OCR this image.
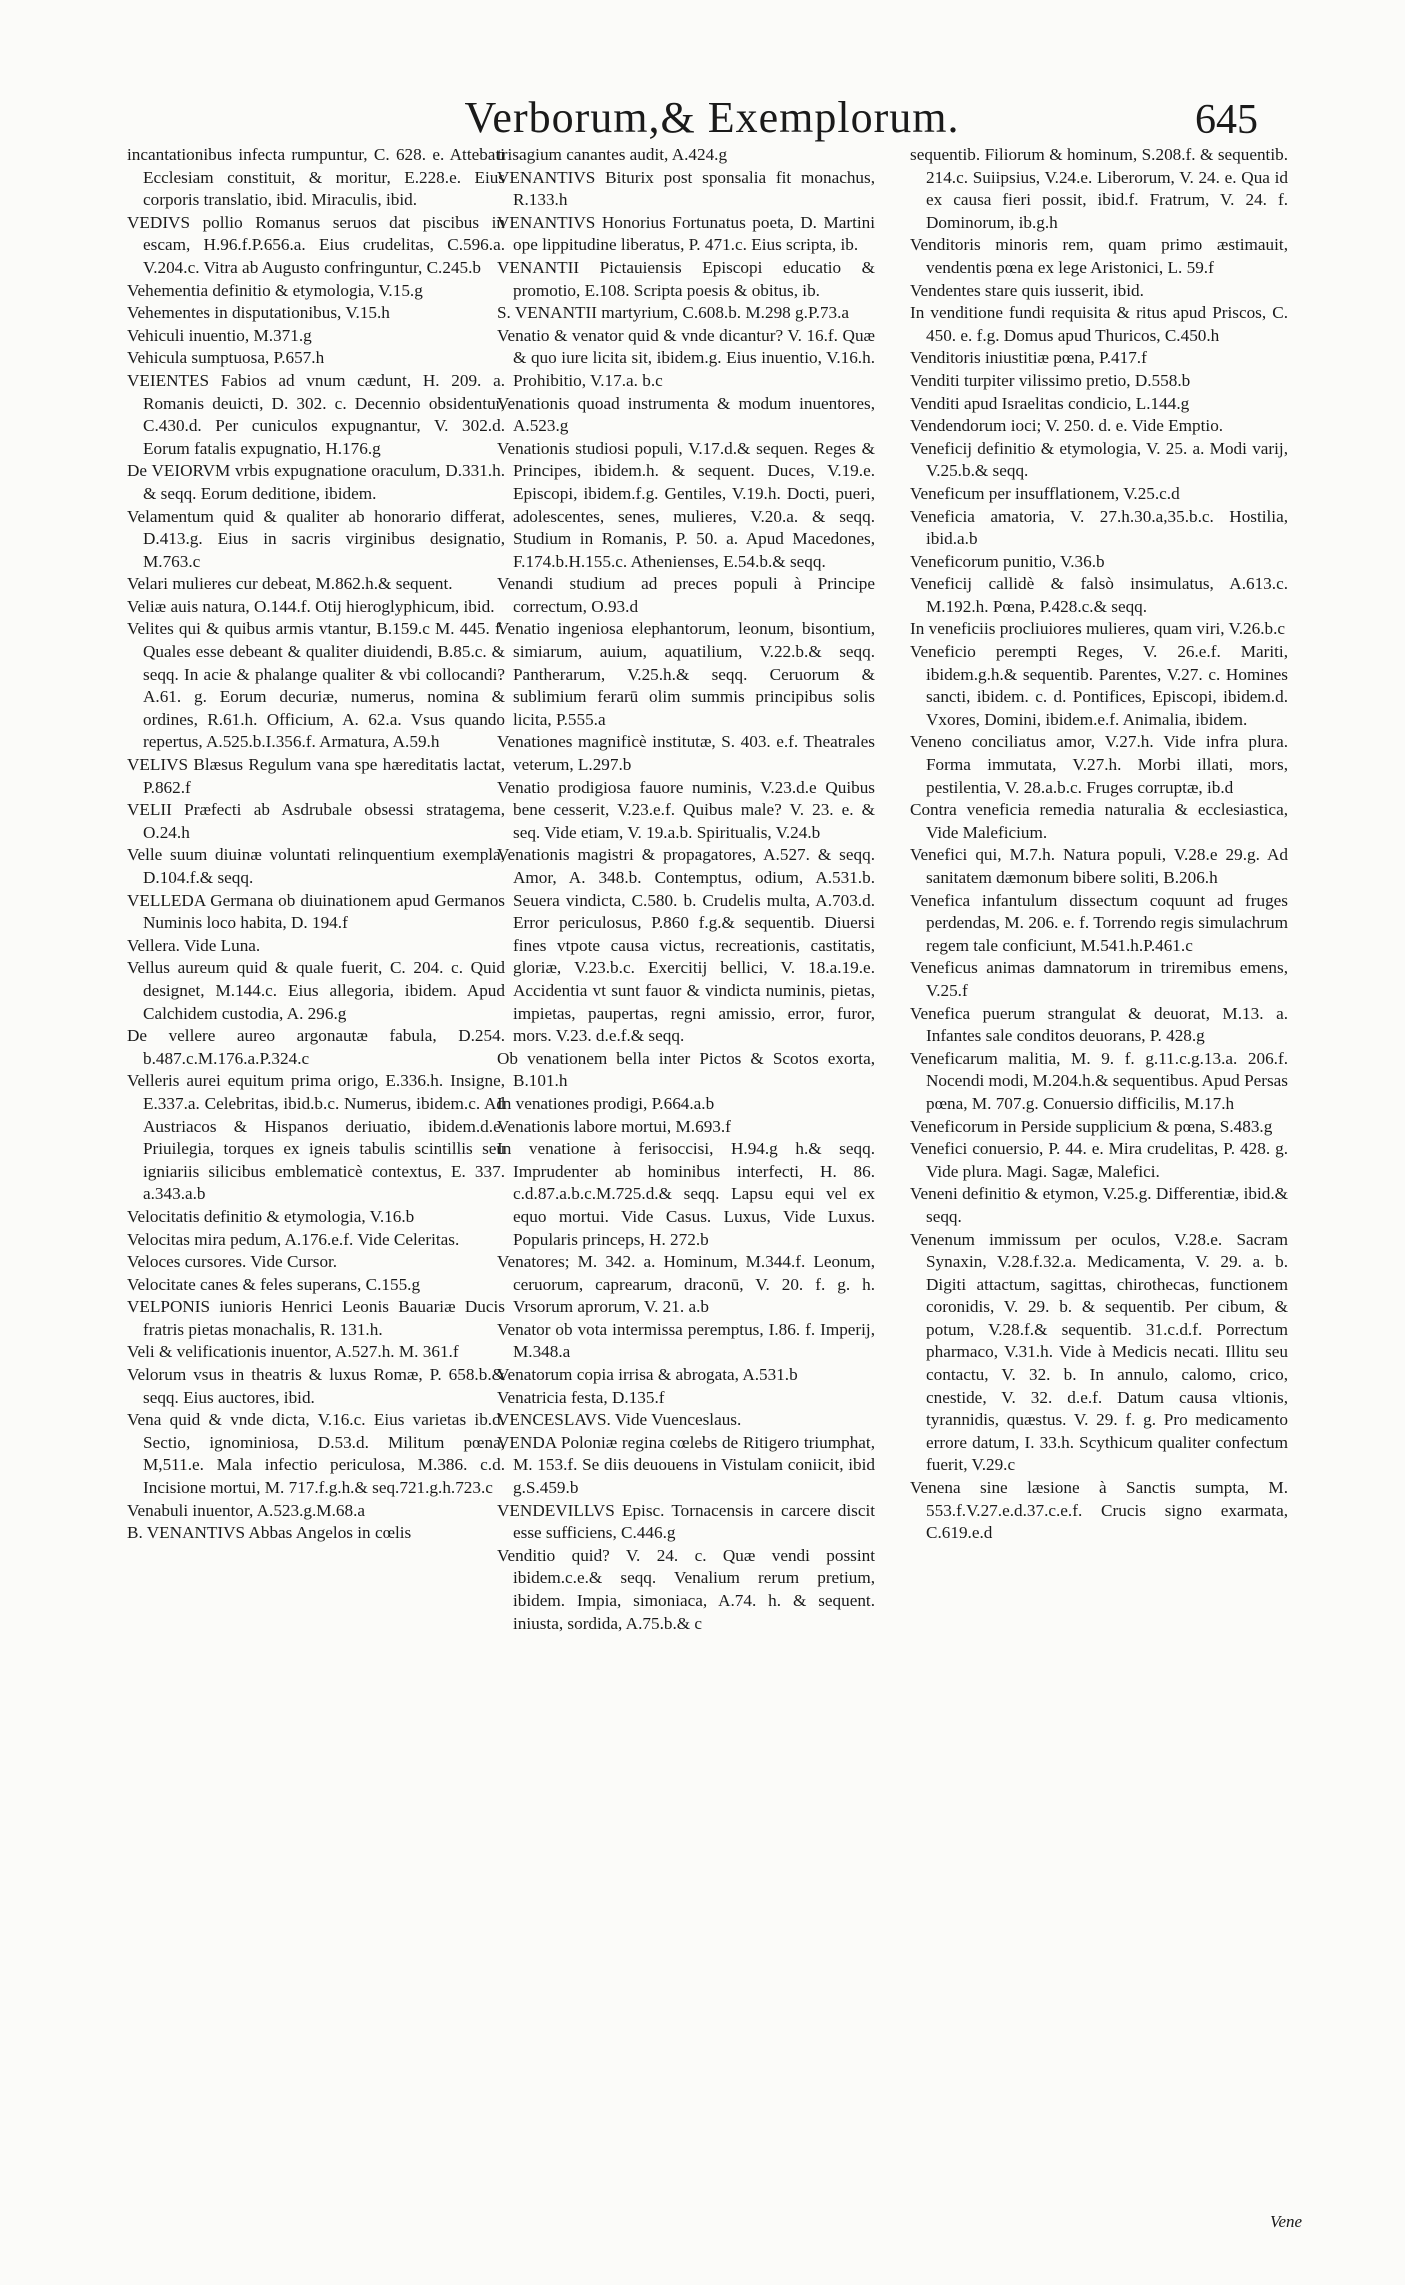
Verborum,& Exemplorum.	645

incantationibus infecta rumpuntur, C. 628. e. Attebati Ecclesiam constituit, & moritur, E.228.e. Eius corporis translatio, ibid. Miraculis, ibid.

VEDIVS pollio Romanus seruos dat piscibus in escam, H.96.f.P.656.a. Eius crudelitas, C.596.a. V.204.c. Vitra ab Augusto confringuntur, C.245.b

Vehementia definitio & etymologia, V.15.g

Vehementes in disputationibus, V.15.h

Vehiculi inuentio, M.371.g

Vehicula sumptuosa, P.657.h

VEIENTES Fabios ad vnum cædunt, H. 209. a. Romanis deuicti, D. 302. c. Decennio obsidentur, C.430.d. Per cuniculos expugnantur, V. 302.d. Eorum fatalis expugnatio, H.176.g

De VEIORVM vrbis expugnatione oraculum, D.331.h. & seqq. Eorum deditione, ibidem.

Velamentum quid & qualiter ab honorario differat, D.413.g. Eius in sacris virginibus designatio, M.763.c

Velari mulieres cur debeat, M.862.h.& sequent.

Veliæ auis natura, O.144.f. Otij hieroglyphicum, ibid.

Velites qui & quibus armis vtantur, B.159.c M. 445. f. Quales esse debeant & qualiter diuidendi, B.85.c. & seqq. In acie & phalange qualiter & vbi collocandi? A.61. g. Eorum decuriæ, numerus, nomina & ordines, R.61.h. Officium, A. 62.a. Vsus quando repertus, A.525.b.I.356.f. Armatura, A.59.h

VELIVS Blæsus Regulum vana spe hæreditatis lactat, P.862.f

VELII Præfecti ab Asdrubale obsessi stratagema, O.24.h

Velle suum diuinæ voluntati relinquentium exempla, D.104.f.& seqq.

VELLEDA Germana ob diuinationem apud Germanos Numinis loco habita, D. 194.f

Vellera. Vide Luna.

Vellus aureum quid & quale fuerit, C. 204. c. Quid designet, M.144.c. Eius allegoria, ibidem. Apud Calchidem custodia, A. 296.g

De vellere aureo argonautæ fabula, D.254. b.487.c.M.176.a.P.324.c

Velleris aurei equitum prima origo, E.336.h. Insigne, E.337.a. Celebritas, ibid.b.c. Numerus, ibidem.c. Ad Austriacos & Hispanos deriuatio, ibidem.d.e. Priuilegia, torques ex igneis tabulis scintillis seu igniariis silicibus emblematicè contextus, E. 337. a.343.a.b

Velocitatis definitio & etymologia, V.16.b

Velocitas mira pedum, A.176.e.f. Vide Celeritas.

Veloces cursores. Vide Cursor.

Velocitate canes & feles superans, C.155.g

VELPONIS iunioris Henrici Leonis Bauariæ Ducis fratris pietas monachalis, R. 131.h.

Veli & velificationis inuentor, A.527.h. M. 361.f

Velorum vsus in theatris & luxus Romæ, P. 658.b.& seqq. Eius auctores, ibid.

Vena quid & vnde dicta, V.16.c. Eius varietas ib.d. Sectio, ignominiosa, D.53.d. Militum pœna, M,511.e. Mala infectio periculosa, M.386. c.d. Incisione mortui, M. 717.f.g.h.& seq.721.g.h.723.c

Venabuli inuentor, A.523.g.M.68.a

B. VENANTIVS Abbas Angelos in cœlis

trisagium canantes audit, A.424.g

VENANTIVS Biturix post sponsalia fit monachus, R.133.h

VENANTIVS Honorius Fortunatus poeta, D. Martini ope lippitudine liberatus, P. 471.c. Eius scripta, ib.

VENANTII Pictauiensis Episcopi educatio & promotio, E.108. Scripta poesis & obitus, ib.

S. VENANTII martyrium, C.608.b. M.298 g.P.73.a

Venatio & venator quid & vnde dicantur? V. 16.f. Quæ & quo iure licita sit, ibidem.g. Eius inuentio, V.16.h. Prohibitio, V.17.a. b.c

Venationis quoad instrumenta & modum inuentores, A.523.g

Venationis studiosi populi, V.17.d.& sequen. Reges & Principes, ibidem.h. & sequent. Duces, V.19.e. Episcopi, ibidem.f.g. Gentiles, V.19.h. Docti, pueri, adolescentes, senes, mulieres, V.20.a. & seqq. Studium in Romanis, P. 50. a. Apud Macedones, F.174.b.H.155.c. Athenienses, E.54.b.& seqq.

Venandi studium ad preces populi à Principe correctum, O.93.d

Venatio ingeniosa elephantorum, leonum, bisontium, simiarum, auium, aquatilium, V.22.b.& seqq. Pantherarum, V.25.h.& seqq. Ceruorum & sublimium ferarū olim summis principibus solis licita, P.555.a

Venationes magnificè institutæ, S. 403. e.f. Theatrales veterum, L.297.b

Venatio prodigiosa fauore numinis, V.23.d.e Quibus bene cesserit, V.23.e.f. Quibus male? V. 23. e. & seq. Vide etiam, V. 19.a.b. Spiritualis, V.24.b

Venationis magistri & propagatores, A.527. & seqq. Amor, A. 348.b. Contemptus, odium, A.531.b. Seuera vindicta, C.580. b. Crudelis multa, A.703.d. Error periculosus, P.860 f.g.& sequentib. Diuersi fines vtpote causa victus, recreationis, castitatis, gloriæ, V.23.b.c. Exercitij bellici, V. 18.a.19.e. Accidentia vt sunt fauor & vindicta numinis, pietas, impietas, paupertas, regni amissio, error, furor, mors. V.23. d.e.f.& seqq.

Ob venationem bella inter Pictos & Scotos exorta, B.101.h

In venationes prodigi, P.664.a.b

Venationis labore mortui, M.693.f

In venatione à ferisoccisi, H.94.g h.& seqq. Imprudenter ab hominibus interfecti, H. 86. c.d.87.a.b.c.M.725.d.& seqq. Lapsu equi vel ex equo mortui. Vide Casus. Luxus, Vide Luxus. Popularis princeps, H. 272.b

Venatores; M. 342. a. Hominum, M.344.f. Leonum, ceruorum, caprearum, draconū, V. 20. f. g. h. Vrsorum aprorum, V. 21. a.b

Venator ob vota intermissa peremptus, I.86. f. Imperij, M.348.a

Venatorum copia irrisa & abrogata, A.531.b

Venatricia festa, D.135.f

VENCESLAVS. Vide Vuenceslaus.

VENDA Poloniæ regina cœlebs de Ritigero triumphat, M. 153.f. Se diis deuouens in Vistulam coniicit, ibid g.S.459.b

VENDEVILLVS Episc. Tornacensis in carcere discit esse sufficiens, C.446.g

Venditio quid? V. 24. c. Quæ vendi possint ibidem.c.e.& seqq. Venalium rerum pretium, ibidem. Impia, simoniaca, A.74. h. & sequent. iniusta, sordida, A.75.b.& c

sequentib. Filiorum & hominum, S.208.f. & sequentib. 214.c. Suiipsius, V.24.e. Liberorum, V. 24. e. Qua id ex causa fieri possit, ibid.f. Fratrum, V. 24. f. Dominorum, ib.g.h

Venditoris minoris rem, quam primo æstimauit, vendentis pœna ex lege Aristonici, L. 59.f

Vendentes stare quis iusserit, ibid.

In venditione fundi requisita & ritus apud Priscos, C. 450. e. f.g. Domus apud Thuricos, C.450.h

Venditoris iniustitiæ pœna, P.417.f

Venditi turpiter vilissimo pretio, D.558.b

Venditi apud Israelitas condicio, L.144.g

Vendendorum ioci; V. 250. d. e. Vide Emptio.

Veneficij definitio & etymologia, V. 25. a. Modi varij, V.25.b.& seqq.

Veneficum per insufflationem, V.25.c.d

Veneficia amatoria, V. 27.h.30.a,35.b.c. Hostilia, ibid.a.b

Veneficorum punitio, V.36.b

Veneficij callidè & falsò insimulatus, A.613.c. M.192.h. Pœna, P.428.c.& seqq.

In veneficiis procliuiores mulieres, quam viri, V.26.b.c

Veneficio perempti Reges, V. 26.e.f. Mariti, ibidem.g.h.& sequentib. Parentes, V.27. c. Homines sancti, ibidem. c. d. Pontifices, Episcopi, ibidem.d. Vxores, Domini, ibidem.e.f. Animalia, ibidem.

Veneno conciliatus amor, V.27.h. Vide infra plura. Forma immutata, V.27.h. Morbi illati, mors, pestilentia, V. 28.a.b.c. Fruges corruptæ, ib.d

Contra veneficia remedia naturalia & ecclesiastica, Vide Maleficium.

Venefici qui, M.7.h. Natura populi, V.28.e 29.g. Ad sanitatem dæmonum bibere soliti, B.206.h

Venefica infantulum dissectum coquunt ad fruges perdendas, M. 206. e. f. Torrendo regis simulachrum regem tale conficiunt, M.541.h.P.461.c

Veneficus animas damnatorum in triremibus emens, V.25.f

Venefica puerum strangulat & deuorat, M.13. a. Infantes sale conditos deuorans, P. 428.g

Veneficarum malitia, M. 9. f. g.11.c.g.13.a. 206.f. Nocendi modi, M.204.h.& sequentibus. Apud Persas pœna, M. 707.g. Conuersio difficilis, M.17.h

Veneficorum in Perside supplicium & pœna, S.483.g

Venefici conuersio, P. 44. e. Mira crudelitas, P. 428. g. Vide plura. Magi. Sagæ, Malefici.

Veneni definitio & etymon, V.25.g. Differentiæ, ibid.& seqq.

Venenum immissum per oculos, V.28.e. Sacram Synaxin, V.28.f.32.a. Medicamenta, V. 29. a. b. Digiti attactum, sagittas, chirothecas, functionem coronidis, V. 29. b. & sequentib. Per cibum, & potum, V.28.f.& sequentib. 31.c.d.f. Porrectum pharmaco, V.31.h. Vide à Medicis necati. Illitu seu contactu, V. 32. b. In annulo, calomo, crico, cnestide, V. 32. d.e.f. Datum causa vltionis, tyrannidis, quæstus. V. 29. f. g. Pro medicamento errore datum, I. 33.h. Scythicum qualiter confectum fuerit, V.29.c

Venena sine læsione à Sanctis sumpta, M. 553.f.V.27.e.d.37.c.e.f. Crucis signo exarmata, C.619.e.d

Vene
